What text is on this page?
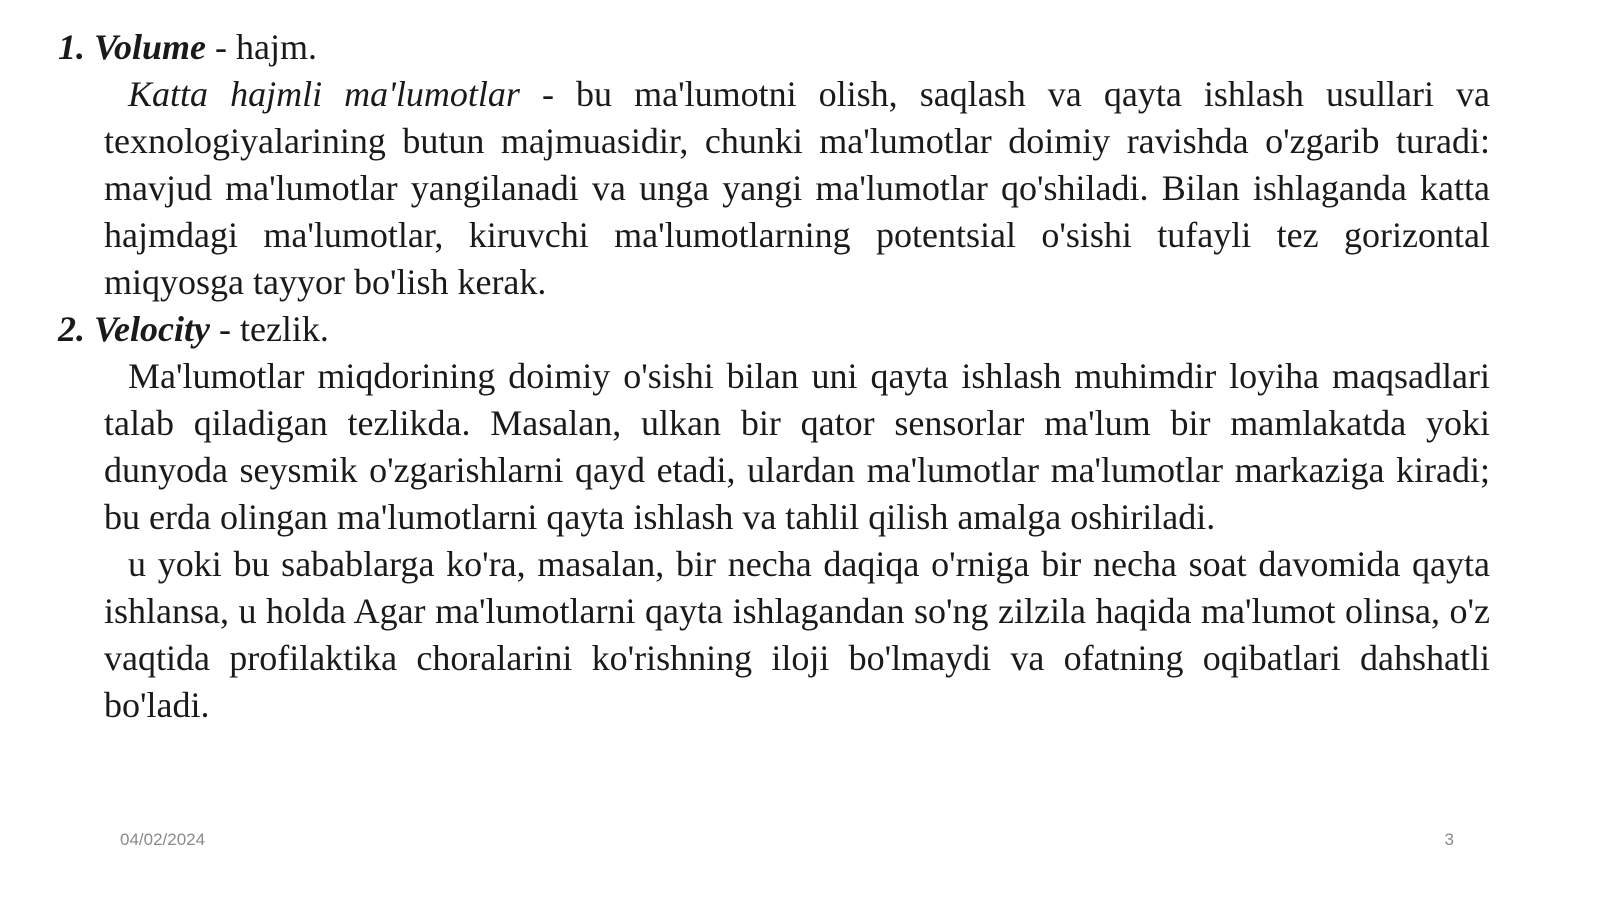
1. Volume - hajm.

Katta hajmli ma'lumotlar - bu ma'lumotni olish, saqlash va qayta ishlash usullari va texnologiyalarining butun majmuasidir, chunki ma'lumotlar doimiy ravishda o'zgarib turadi: mavjud ma'lumotlar yangilanadi va unga yangi ma'lumotlar qo'shiladi. Bilan ishlaganda katta hajmdagi ma'lumotlar, kiruvchi ma'lumotlarning potentsial o'sishi tufayli tez gorizontal miqyosga tayyor bo'lish kerak.

2. Velocity - tezlik.

Ma'lumotlar miqdorining doimiy o'sishi bilan uni qayta ishlash muhimdir loyiha maqsadlari talab qiladigan tezlikda. Masalan, ulkan bir qator sensorlar ma'lum bir mamlakatda yoki dunyoda seysmik o'zgarishlarni qayd etadi, ulardan ma'lumotlar ma'lumotlar markaziga kiradi; bu erda olingan ma'lumotlarni qayta ishlash va tahlil qilish amalga oshiriladi.

u yoki bu sabablarga ko'ra, masalan, bir necha daqiqa o'rniga bir necha soat davomida qayta ishlansa, u holda Agar ma'lumotlarni qayta ishlagandan so'ng zilzila haqida ma'lumot olinsa, o'z vaqtida profilaktika choralarini ko'rishning iloji bo'lmaydi va ofatning oqibatlari dahshatli bo'ladi.

04/02/2024	3
